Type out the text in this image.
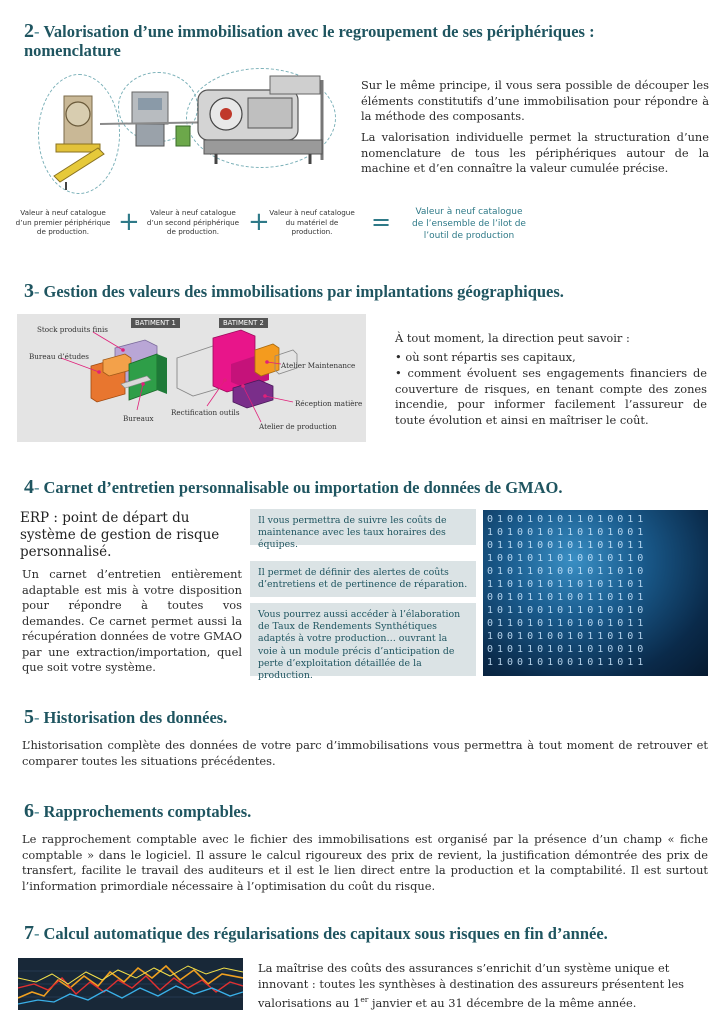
2- Valorisation d’une immobilisation avec le regroupement de ses périphériques : nomenclature
Sur le même principe, il vous sera possible de découper les éléments constitutifs d’une immobilisation pour répondre à la méthode des composants.
La valorisation individuelle permet la structuration d’une nomenclature de tous les périphériques autour de la machine et d’en connaître la valeur cumulée précise.
Valeur à neuf catalogue d’un premier périphérique de production.	+	Valeur à neuf catalogue d’un second périphérique de production.	+ Valeur à neuf catalogue du matériel de production.	=	Valeur à neuf catalogue de l’ensemble de l’ilot de l’outil de production
3- Gestion des valeurs des immobilisations par implantations géographiques.
BATIMENT 1	BATIMENT 2
Stock produits finis
Bureau d’études
Bureaux
Rectification outils
Atelier Maintenance
Réception matière
Atelier de production
À tout moment, la direction peut savoir :
• où sont répartis ses capitaux,
• comment évoluent ses engagements financiers de couverture de risques, en tenant compte des zones incendie, pour informer facilement l’assureur de toute évolution et ainsi en maîtriser le coût.
4- Carnet d’entretien personnalisable ou importation de données de GMAO.
ERP : point de départ du système de gestion de risque personnalisé.
Un carnet d’entretien entièrement adaptable est mis à votre disposition pour répondre à toutes vos demandes. Ce carnet permet aussi la récupération données de votre GMAO par une extraction/importation, quel que soit votre système.
Il vous permettra de suivre les coûts de maintenance avec les taux horaires des équipes.
Il permet de définir des alertes de coûts d’entretiens et de pertinence de réparation.
Vous pourrez aussi accéder à l’élaboration de Taux de Rendements Synthétiques adaptés à votre production… ouvrant la voie à un module précis d’anticipation de perte d’exploitation détaillée de la production.
0100101011010011
1010010110101001
0110100101101011
1001011010010110
0101101001011010
1101010110101101
0010110100110101
1011001011010010
0110101101001011
1001010010110101
0101101011010010
1100101001011011
5- Historisation des données.
L’historisation complète des données de votre parc d’immobilisations vous permettra à tout moment de retrouver et comparer toutes les situations précédentes.
6- Rapprochements comptables.
Le rapprochement comptable avec le fichier des immobilisations est organisé par la présence d’un champ « fiche comptable » dans le logiciel. Il assure le calcul rigoureux des prix de revient, la justification démontrée des prix de transfert, facilite le travail des auditeurs et il est le lien direct entre la production et la comptabilité. Il est surtout l’information primordiale nécessaire à l’optimisation du coût du risque.
7- Calcul automatique des régularisations des capitaux sous risques en fin d’année.
La maîtrise des coûts des assurances s’enrichit d’un système unique et innovant : toutes les synthèses à destination des assureurs présentent les valorisations au 1er janvier et au 31 décembre de la même année.
